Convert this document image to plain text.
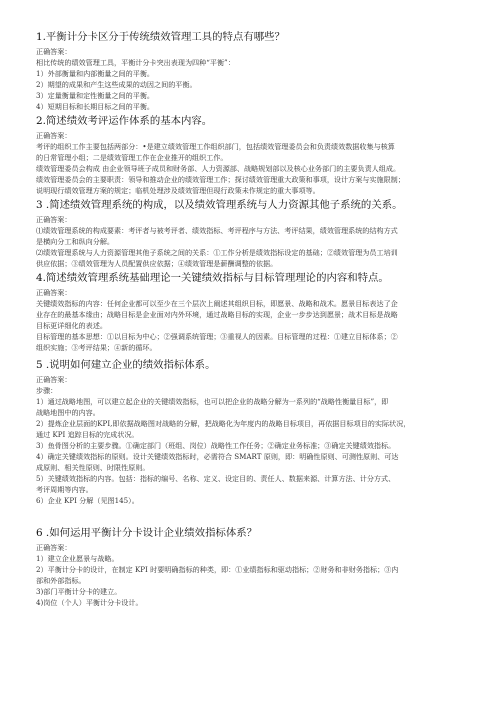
1.平衡计分卡区分于传统绩效管理工具的特点有哪些？
正确答案：
相比传统的绩效管理工具，平衡计分卡突出表现为四种“平衡”：
1）外部衡量和内部衡量之间的平衡。
2）期望的成果和产生这些成果的动因之间的平衡。
3）定量衡量和定性衡量之间的平衡。
4）短期目标和长期目标之间的平衡。
2.简述绩效考评运作体系的基本内容。
正确答案：
考评的组织工作主要包括两部分：•是建立绩效管理工作组织部门，包括绩效管理委员会和负责绩效数据收集与核算
的日常管理小组；二是绩效管理工作在企业推开的组织工作。
绩效管理委员会构成 由企业领导班子成员和财务部、人力资源部、战略规划部以及核心业务部门的主要负责人组成。
绩效管理委员会的主要职责：领导和推动企业的绩效管理工作；探讨绩效管理重大政策和事项，设计方案与实施限制；
说明现行绩效管理方案的规定；临机处理涉及绩效管理但现行政策未作规定的重大事项等。
3 .简述绩效管理系统的构成，以及绩效管理系统与人力资源其他子系统的关系。
正确答案：
⑴绩效管理系统的构成要素：考评者与被考评者、绩效指标、考评程序与方法、考评结果，绩效管理系统的结构方式
是横向分工和纵向分解。
⑵绩效管理系统与人力资源管理其他子系统之间的关系：①工作分析是绩效指标设定的基础；②绩效管理为员工培训
供应依据；③绩效管理为人员配置供应依据；④绩效管理是薪酬调整的依据。
4.简述绩效管理系统基础理论一关键绩效指标与目标管理理论的内容和特点。
正确答案：
关键绩效指标的内容：任何企业都可以至少在三个层次上阐述其组织目标，即愿景、战略和战术。愿景目标表达了企
业存在的最基本缘由；战略目标是企业面对内外环境，通过战略目标的实现，企业一步步达到愿景；战术目标是战略
目标更详细化的表述。
目标管理的基本思想：①以目标为中心；②强调系统管理；③重视人的因素。目标管理的过程：①建立目标体系；②
组织实施；③考评结果；④新的循环。
5 .说明如何建立企业的绩效指标体系。
正确答案：
步骤：
1）通过战略地图，可以建立起企业的关键绩效指标，也可以把企业的战略分解为一系列的“战略性衡量目标”，即
战略地图中的内容。
2）提炼企业层面的KPI,即依据战略图对战略的分解，把战略化为年度内的战略目标项目，再依据目标项目的实际状况，
通过 KPI 追踪目标的完成状况。
3）鱼骨图分析的主要步骤。①确定部门（班组、岗位）战略性工作任务；②确定业务标准；③确定关键绩效指标。
4）确定关键绩效指标的原则。设计关键绩效指标时，必需符合 SMART 原则，即：明确性原则、可测性原则、可达
成原则、相关性原则、时限性原则。
5）关键绩效指标的内容。包括：指标的编号、名称、定义、设定目的、责任人、数据来源、计算方法、计分方式、
考评周期等内容。
6）企业 KPI 分解（见图145）。
6 .如何运用平衡计分卡设计企业绩效指标体系？
正确答案：
1）建立企业愿景与战略。
2）平衡计分卡的设计，在制定 KPI 时要明确指标的种类，即：①业绩指标和驱动指标；②财务和非财务指标；③内
部和外部指标。
3)部门平衡计分卡的建立。
4)岗位（个人）平衡计分卡设计。
